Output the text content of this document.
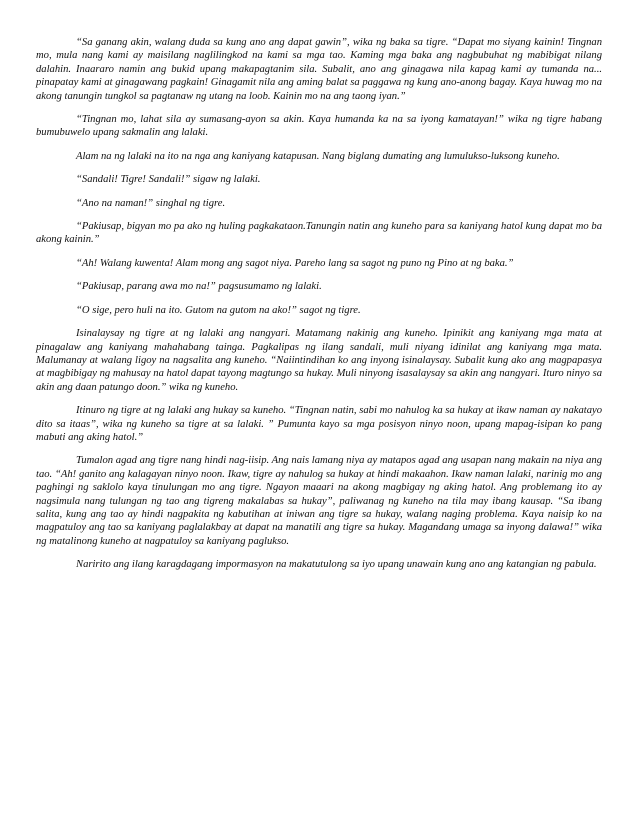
“Sa ganang akin, walang duda sa kung ano ang dapat gawin”, wika ng baka sa tigre. “Dapat mo siyang kainin! Tingnan mo, mula nang kami ay maisilang naglilingkod na kami sa mga tao. Kaming mga baka ang nagbubuhat ng mabibigat nilang dalahin. Inaararo namin ang bukid upang makapagtanim sila. Subalit, ano ang ginagawa nila kapag kami ay tumanda na... pinapatay kami at ginagawang pagkain! Ginagamit nila ang aming balat sa paggawa ng kung ano-anong bagay. Kaya huwag mo na akong tanungin tungkol sa pagtanaw ng utang na loob. Kainin mo na ang taong iyan.”

“Tingnan mo, lahat sila ay sumasang-ayon sa akin. Kaya humanda ka na sa iyong kamatayan!” wika ng tigre habang bumubuwelo upang sakmalin ang lalaki.

Alam na ng lalaki na ito na nga ang kaniyang katapusan. Nang biglang dumating ang lumulukso-luksong kuneho.

“Sandali! Tigre! Sandali!” sigaw ng lalaki.

“Ano na naman!” singhal ng tigre.

“Pakiusap, bigyan mo pa ako ng huling pagkakataon.Tanungin natin ang kuneho para sa kaniyang hatol kung dapat mo ba akong kainin.”

“Ah! Walang kuwenta! Alam mong ang sagot niya. Pareho lang sa sagot ng puno ng Pino at ng baka.”

“Pakiusap, parang awa mo na!” pagsusumamo ng lalaki.

“O sige, pero huli na ito. Gutom na gutom na ako!” sagot ng tigre.

Isinalaysay ng tigre at ng lalaki ang nangyari. Matamang nakinig ang kuneho. Ipinikit ang kaniyang mga mata at pinagalaw ang kaniyang mahahabang tainga. Pagkalipas ng ilang sandali, muli niyang idinilat ang kaniyang mga mata. Malumanay at walang ligoy na nagsalita ang kuneho. “Naiintindihan ko ang inyong isinalaysay. Subalit kung ako ang magpapasya at magbibigay ng mahusay na hatol dapat tayong magtungo sa hukay. Muli ninyong isasalaysay sa akin ang nangyari. Ituro ninyo sa akin ang daan patungo doon.” wika ng kuneho.

Itinuro ng tigre at ng lalaki ang hukay sa kuneho. “Tingnan natin, sabi mo nahulog ka sa hukay at ikaw naman ay nakatayo dito sa itaas”, wika ng kuneho sa tigre at sa lalaki. ” Pumunta kayo sa mga posisyon ninyo noon, upang mapag-isipan ko pang mabuti ang aking hatol.”

Tumalon agad ang tigre nang hindi nag-iisip. Ang nais lamang niya ay matapos agad ang usapan nang makain na niya ang tao. “Ah! ganito ang kalagayan ninyo noon. Ikaw, tigre ay nahulog sa hukay at hindi makaahon. Ikaw naman lalaki, narinig mo ang paghingi ng saklolo kaya tinulungan mo ang tigre. Ngayon maaari na akong magbigay ng aking hatol. Ang problemang ito ay nagsimula nang tulungan ng tao ang tigreng makalabas sa hukay”, paliwanag ng kuneho na tila may ibang kausap. “Sa ibang salita, kung ang tao ay hindi nagpakita ng kabutihan at iniwan ang tigre sa hukay, walang naging problema. Kaya naisip ko na magpatuloy ang tao sa kaniyang paglalakbay at dapat na manatili ang tigre sa hukay. Magandang umaga sa inyong dalawa!” wika ng matalinong kuneho at nagpatuloy sa kaniyang paglukso.

Naririto ang ilang karagdagang impormasyon na makatutulong sa iyo upang unawain kung ano ang katangian ng pabula.
